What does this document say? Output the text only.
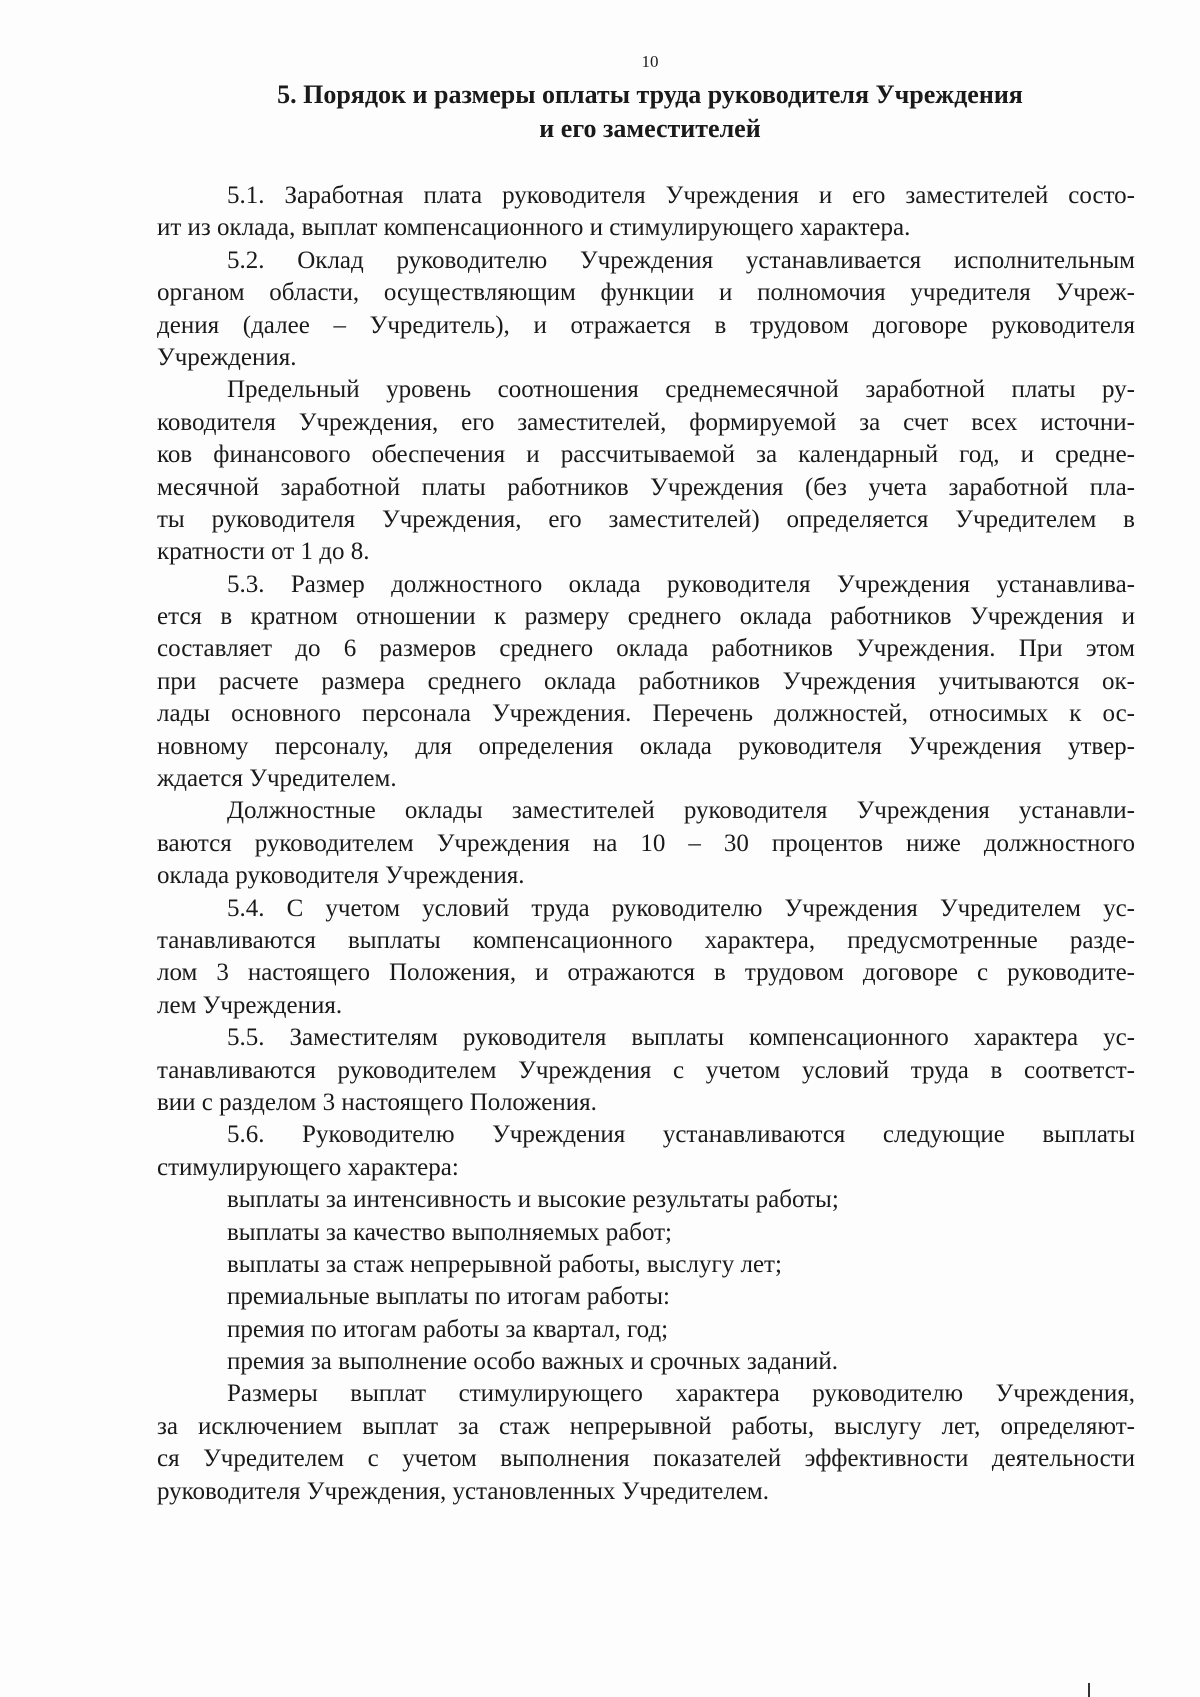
10
5. Порядок и размеры оплаты труда руководителя Учреждения
и его заместителей
5.1. Заработная плата руководителя Учреждения и его заместителей состо-
ит из оклада, выплат компенсационного и стимулирующего характера.
5.2. Оклад руководителю Учреждения устанавливается исполнительным
органом области, осуществляющим функции и полномочия учредителя Учреж-
дения (далее – Учредитель), и отражается в трудовом договоре руководителя
Учреждения.
Предельный уровень соотношения среднемесячной заработной платы ру-
ководителя Учреждения, его заместителей, формируемой за счет всех источни-
ков финансового обеспечения и рассчитываемой за календарный год, и средне-
месячной заработной платы работников Учреждения (без учета заработной пла-
ты руководителя Учреждения, его заместителей) определяется Учредителем в
кратности от 1 до 8.
5.3. Размер должностного оклада руководителя Учреждения устанавлива-
ется в кратном отношении к размеру среднего оклада работников Учреждения и
составляет до 6 размеров среднего оклада работников Учреждения. При этом
при расчете размера среднего оклада работников Учреждения учитываются ок-
лады основного персонала Учреждения. Перечень должностей, относимых к ос-
новному персоналу, для определения оклада руководителя Учреждения утвер-
ждается Учредителем.
Должностные оклады заместителей руководителя Учреждения устанавли-
ваются руководителем Учреждения на 10 – 30 процентов ниже должностного
оклада руководителя Учреждения.
5.4. С учетом условий труда руководителю Учреждения Учредителем ус-
танавливаются выплаты компенсационного характера, предусмотренные разде-
лом 3 настоящего Положения, и отражаются в трудовом договоре с руководите-
лем Учреждения.
5.5. Заместителям руководителя выплаты компенсационного характера ус-
танавливаются руководителем Учреждения с учетом условий труда в соответст-
вии с разделом 3 настоящего Положения.
5.6. Руководителю Учреждения устанавливаются следующие выплаты
стимулирующего характера:
выплаты за интенсивность и высокие результаты работы;
выплаты за качество выполняемых работ;
выплаты за стаж непрерывной работы, выслугу лет;
премиальные выплаты по итогам работы:
премия по итогам работы за квартал, год;
премия за выполнение особо важных и срочных заданий.
Размеры выплат стимулирующего характера руководителю Учреждения,
за исключением выплат за стаж непрерывной работы, выслугу лет, определяют-
ся Учредителем с учетом выполнения показателей эффективности деятельности
руководителя Учреждения, установленных Учредителем.
